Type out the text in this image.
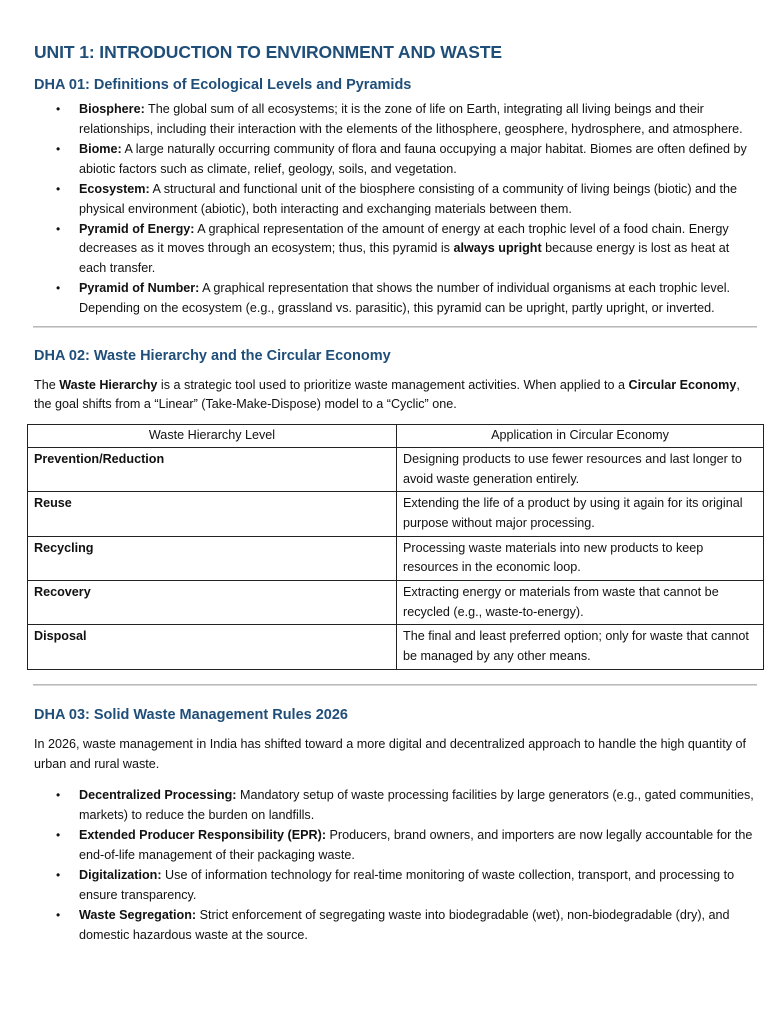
UNIT 1: INTRODUCTION TO ENVIRONMENT AND WASTE
DHA 01: Definitions of Ecological Levels and Pyramids
• Biosphere: The global sum of all ecosystems; it is the zone of life on Earth, integrating all living beings and their relationships, including their interaction with the elements of the lithosphere, geosphere, hydrosphere, and atmosphere.
• Biome: A large naturally occurring community of flora and fauna occupying a major habitat. Biomes are often defined by abiotic factors such as climate, relief, geology, soils, and vegetation.
• Ecosystem: A structural and functional unit of the biosphere consisting of a community of living beings (biotic) and the physical environment (abiotic), both interacting and exchanging materials between them.
• Pyramid of Energy: A graphical representation of the amount of energy at each trophic level of a food chain. Energy decreases as it moves through an ecosystem; thus, this pyramid is always upright because energy is lost as heat at each transfer.
• Pyramid of Number: A graphical representation that shows the number of individual organisms at each trophic level. Depending on the ecosystem (e.g., grassland vs. parasitic), this pyramid can be upright, partly upright, or inverted.
DHA 02: Waste Hierarchy and the Circular Economy

The Waste Hierarchy is a strategic tool used to prioritize waste management activities. When applied to a Circular Economy, the goal shifts from a “Linear” (Take-Make-Dispose) model to a “Cyclic” one.

Waste Hierarchy Level	Application in Circular Economy
Prevention/Reduction	Designing products to use fewer resources and last longer to avoid waste generation entirely.
Reuse	Extending the life of a product by using it again for its original purpose without major processing.
Recycling	Processing waste materials into new products to keep resources in the economic loop.
Recovery	Extracting energy or materials from waste that cannot be recycled (e.g., waste-to-energy).
Disposal	The final and least preferred option; only for waste that cannot be managed by any other means.
DHA 03: Solid Waste Management Rules 2026

In 2026, waste management in India has shifted toward a more digital and decentralized approach to handle the high quantity of urban and rural waste.

• Decentralized Processing: Mandatory setup of waste processing facilities by large generators (e.g., gated communities, markets) to reduce the burden on landfills.
• Extended Producer Responsibility (EPR): Producers, brand owners, and importers are now legally accountable for the end-of-life management of their packaging waste.
• Digitalization: Use of information technology for real-time monitoring of waste collection, transport, and processing to ensure transparency.
• Waste Segregation: Strict enforcement of segregating waste into biodegradable (wet), non-biodegradable (dry), and domestic hazardous waste at the source.
